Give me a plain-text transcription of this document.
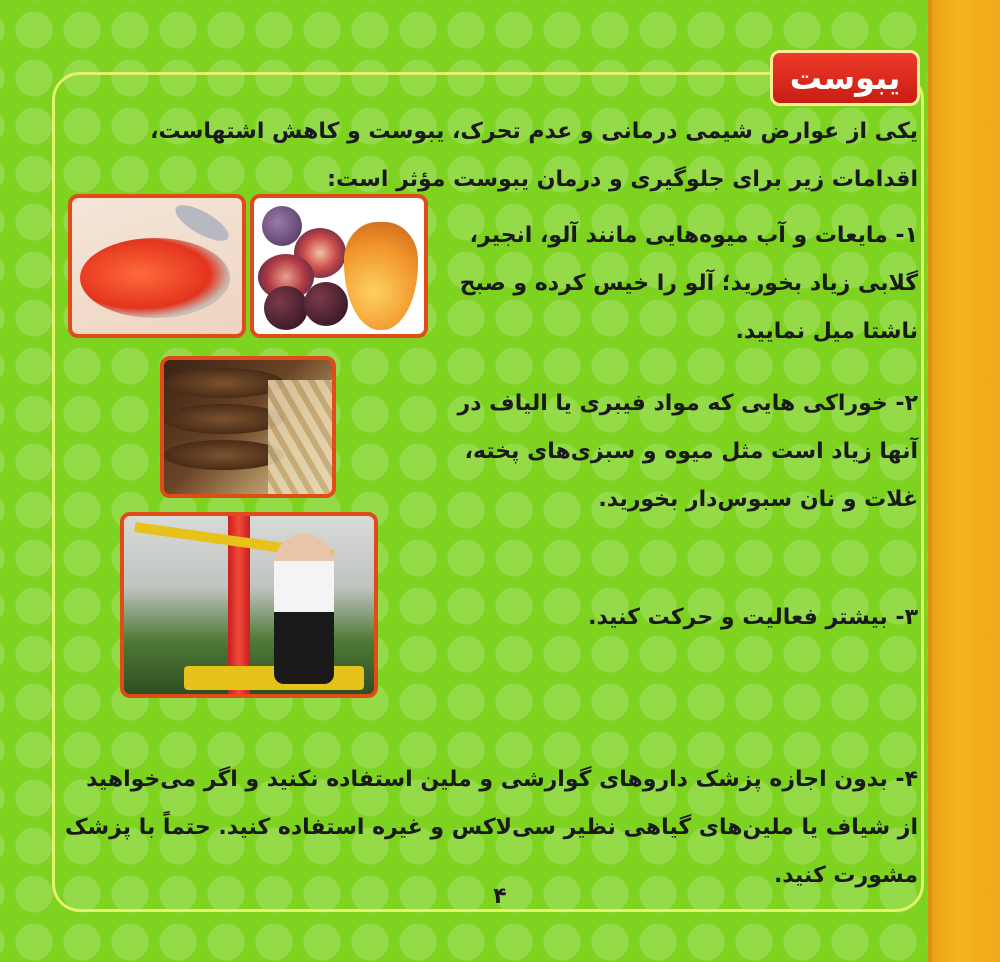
یبوست

یکی از عوارض شیمی درمانی و عدم تحرک، یبوست و کاهش اشتهاست، اقدامات زیر برای جلوگیری و درمان یبوست مؤثر است:

۱- مایعات و آب میوه‌هایی مانند آلو، انجیر، گلابی زیاد بخورید؛ آلو را خیس کرده و صبح ناشتا میل نمایید.

۲- خوراکی هایی که مواد فیبری یا الیاف در آنها زیاد است مثل میوه و سبزی‌های پخته، غلات و نان سبوس‌دار بخورید.

۳- بیشتر فعالیت و حرکت کنید.

۴- بدون اجازه پزشک داروهای گوارشی و ملین استفاده نکنید و اگر می‌خواهید از شیاف یا ملین‌های گیاهی نظیر سی‌لاکس و غیره استفاده کنید. حتماً با پزشک مشورت کنید.

۴
